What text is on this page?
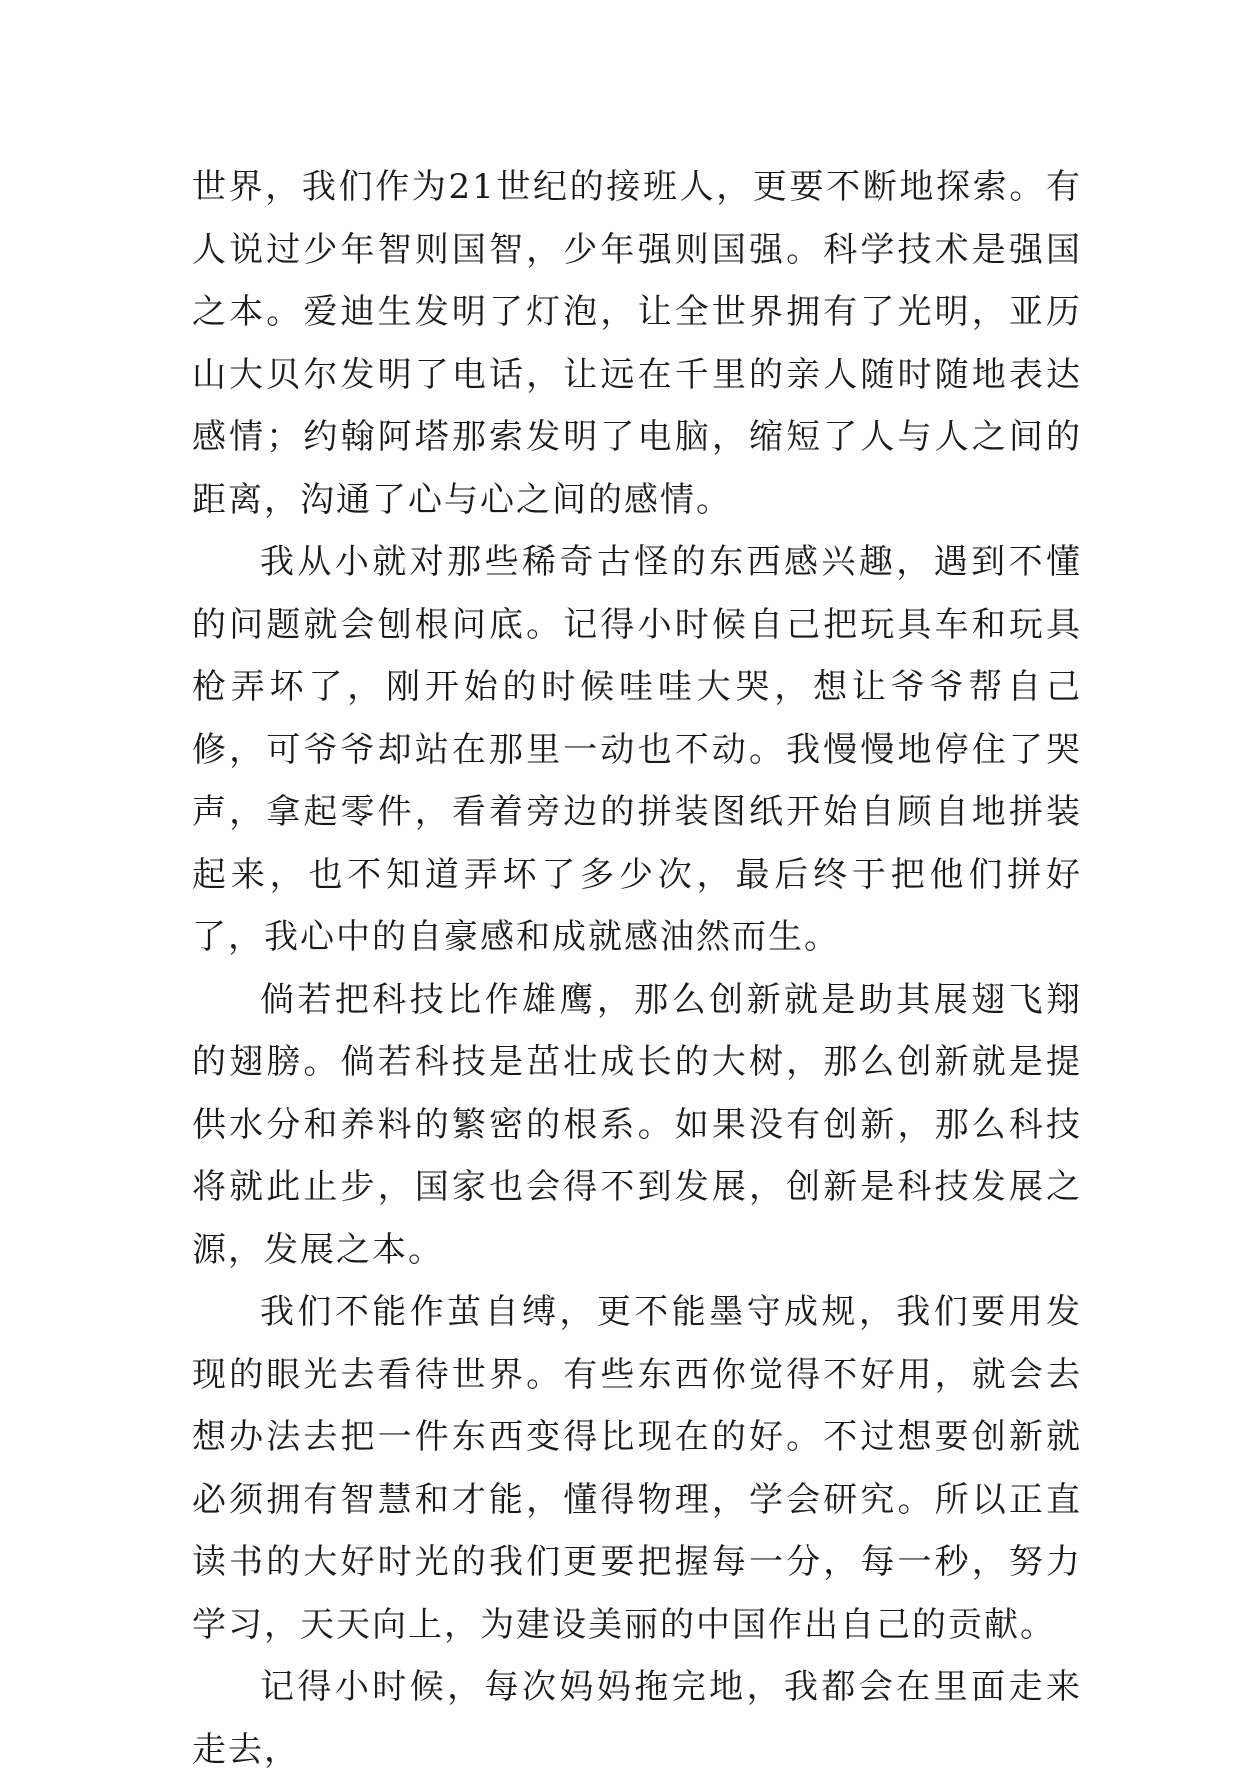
世界，我们作为21世纪的接班人，更要不断地探索。有人说过少年智则国智，少年强则国强。科学技术是强国之本。爱迪生发明了灯泡，让全世界拥有了光明，亚历山大贝尔发明了电话，让远在千里的亲人随时随地表达感情；约翰阿塔那索发明了电脑，缩短了人与人之间的距离，沟通了心与心之间的感情。

我从小就对那些稀奇古怪的东西感兴趣，遇到不懂的问题就会刨根问底。记得小时候自己把玩具车和玩具枪弄坏了，刚开始的时候哇哇大哭，想让爷爷帮自己修，可爷爷却站在那里一动也不动。我慢慢地停住了哭声，拿起零件，看着旁边的拼装图纸开始自顾自地拼装起来，也不知道弄坏了多少次，最后终于把他们拼好了，我心中的自豪感和成就感油然而生。

倘若把科技比作雄鹰，那么创新就是助其展翅飞翔的翅膀。倘若科技是茁壮成长的大树，那么创新就是提供水分和养料的繁密的根系。如果没有创新，那么科技将就此止步，国家也会得不到发展，创新是科技发展之源，发展之本。

我们不能作茧自缚，更不能墨守成规，我们要用发现的眼光去看待世界。有些东西你觉得不好用，就会去想办法去把一件东西变得比现在的好。不过想要创新就必须拥有智慧和才能，懂得物理，学会研究。所以正直读书的大好时光的我们更要把握每一分，每一秒，努力学习，天天向上，为建设美丽的中国作出自己的贡献。

记得小时候，每次妈妈拖完地，我都会在里面走来走去，
